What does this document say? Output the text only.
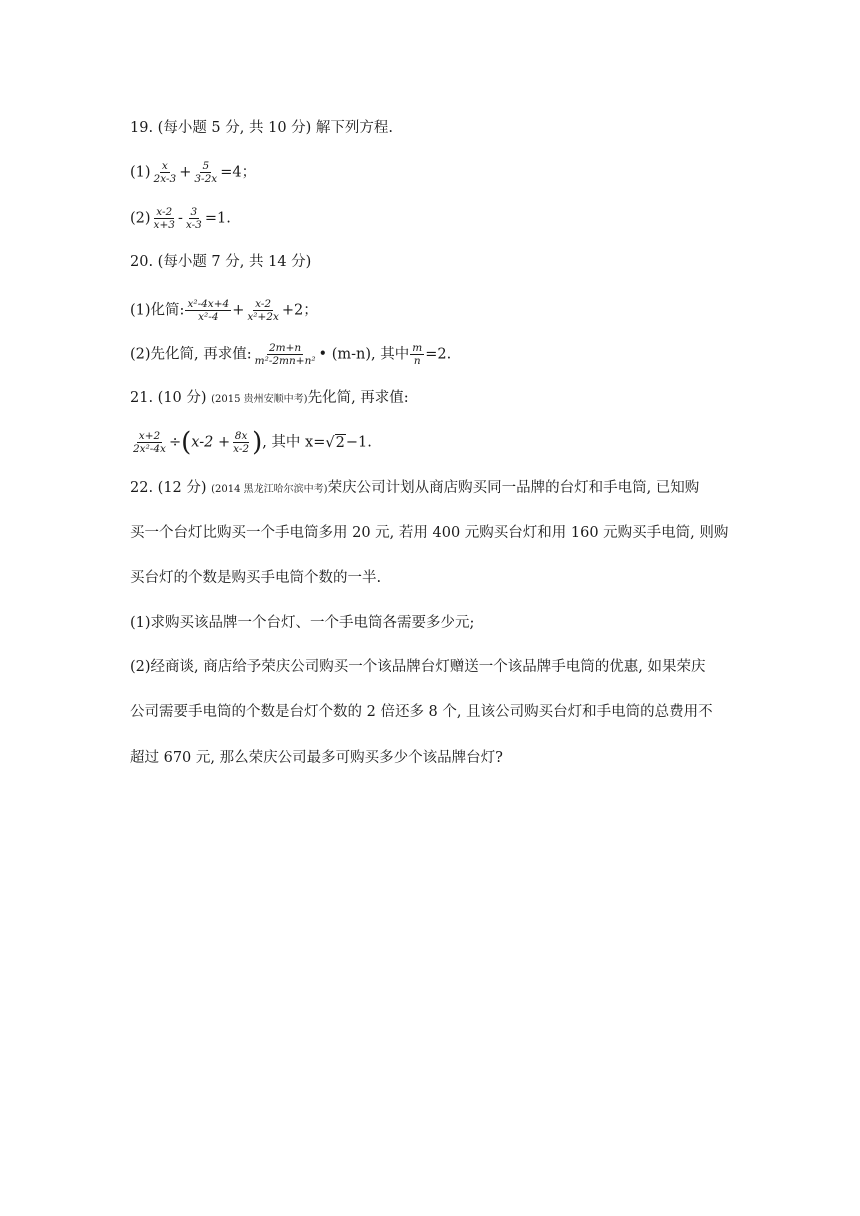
19. (每小题 5 分, 共 10 分) 解下列方程.
$(1) \frac{x}{2x-3} + \frac{5}{3-2x} =4$；
$(2) \frac{x-2}{x+3} - \frac{3}{x-3} =1$.
20. (每小题 7 分, 共 14 分)
(1)化简: $\frac{\text{x²-4x+4}}{\text{x²-4}} + \frac{x-2}{\text{x²+2x}} +2$；
(2)先化简, 再求值: $\frac{2m+n}{\text{m²-2mn+n²}}$ • (m-n), 其中 $\frac{m}{n} =2$.
21. (10 分) (2015 贵州安顺中考)先化简, 再求值:
$\frac{x+2}{\text{2x²-4x}} \div(x-2 + \frac{8x}{x-2}$ ), 其中 x=√2−1.
22. (12 分) (2014 黑龙江哈尔滨中考)荣庆公司计划从商店购买同一品牌的台灯和手电筒, 已知购
买一个台灯比购买一个手电筒多用 20 元, 若用 400 元购买台灯和用 160 元购买手电筒, 则购
买台灯的个数是购买手电筒个数的一半.
(1)求购买该品牌一个台灯、一个手电筒各需要多少元;
(2)经商谈, 商店给予荣庆公司购买一个该品牌台灯赠送一个该品牌手电筒的优惠, 如果荣庆
公司需要手电筒的个数是台灯个数的 2 倍还多 8 个, 且该公司购买台灯和手电筒的总费用不
超过 670 元, 那么荣庆公司最多可购买多少个该品牌台灯?
